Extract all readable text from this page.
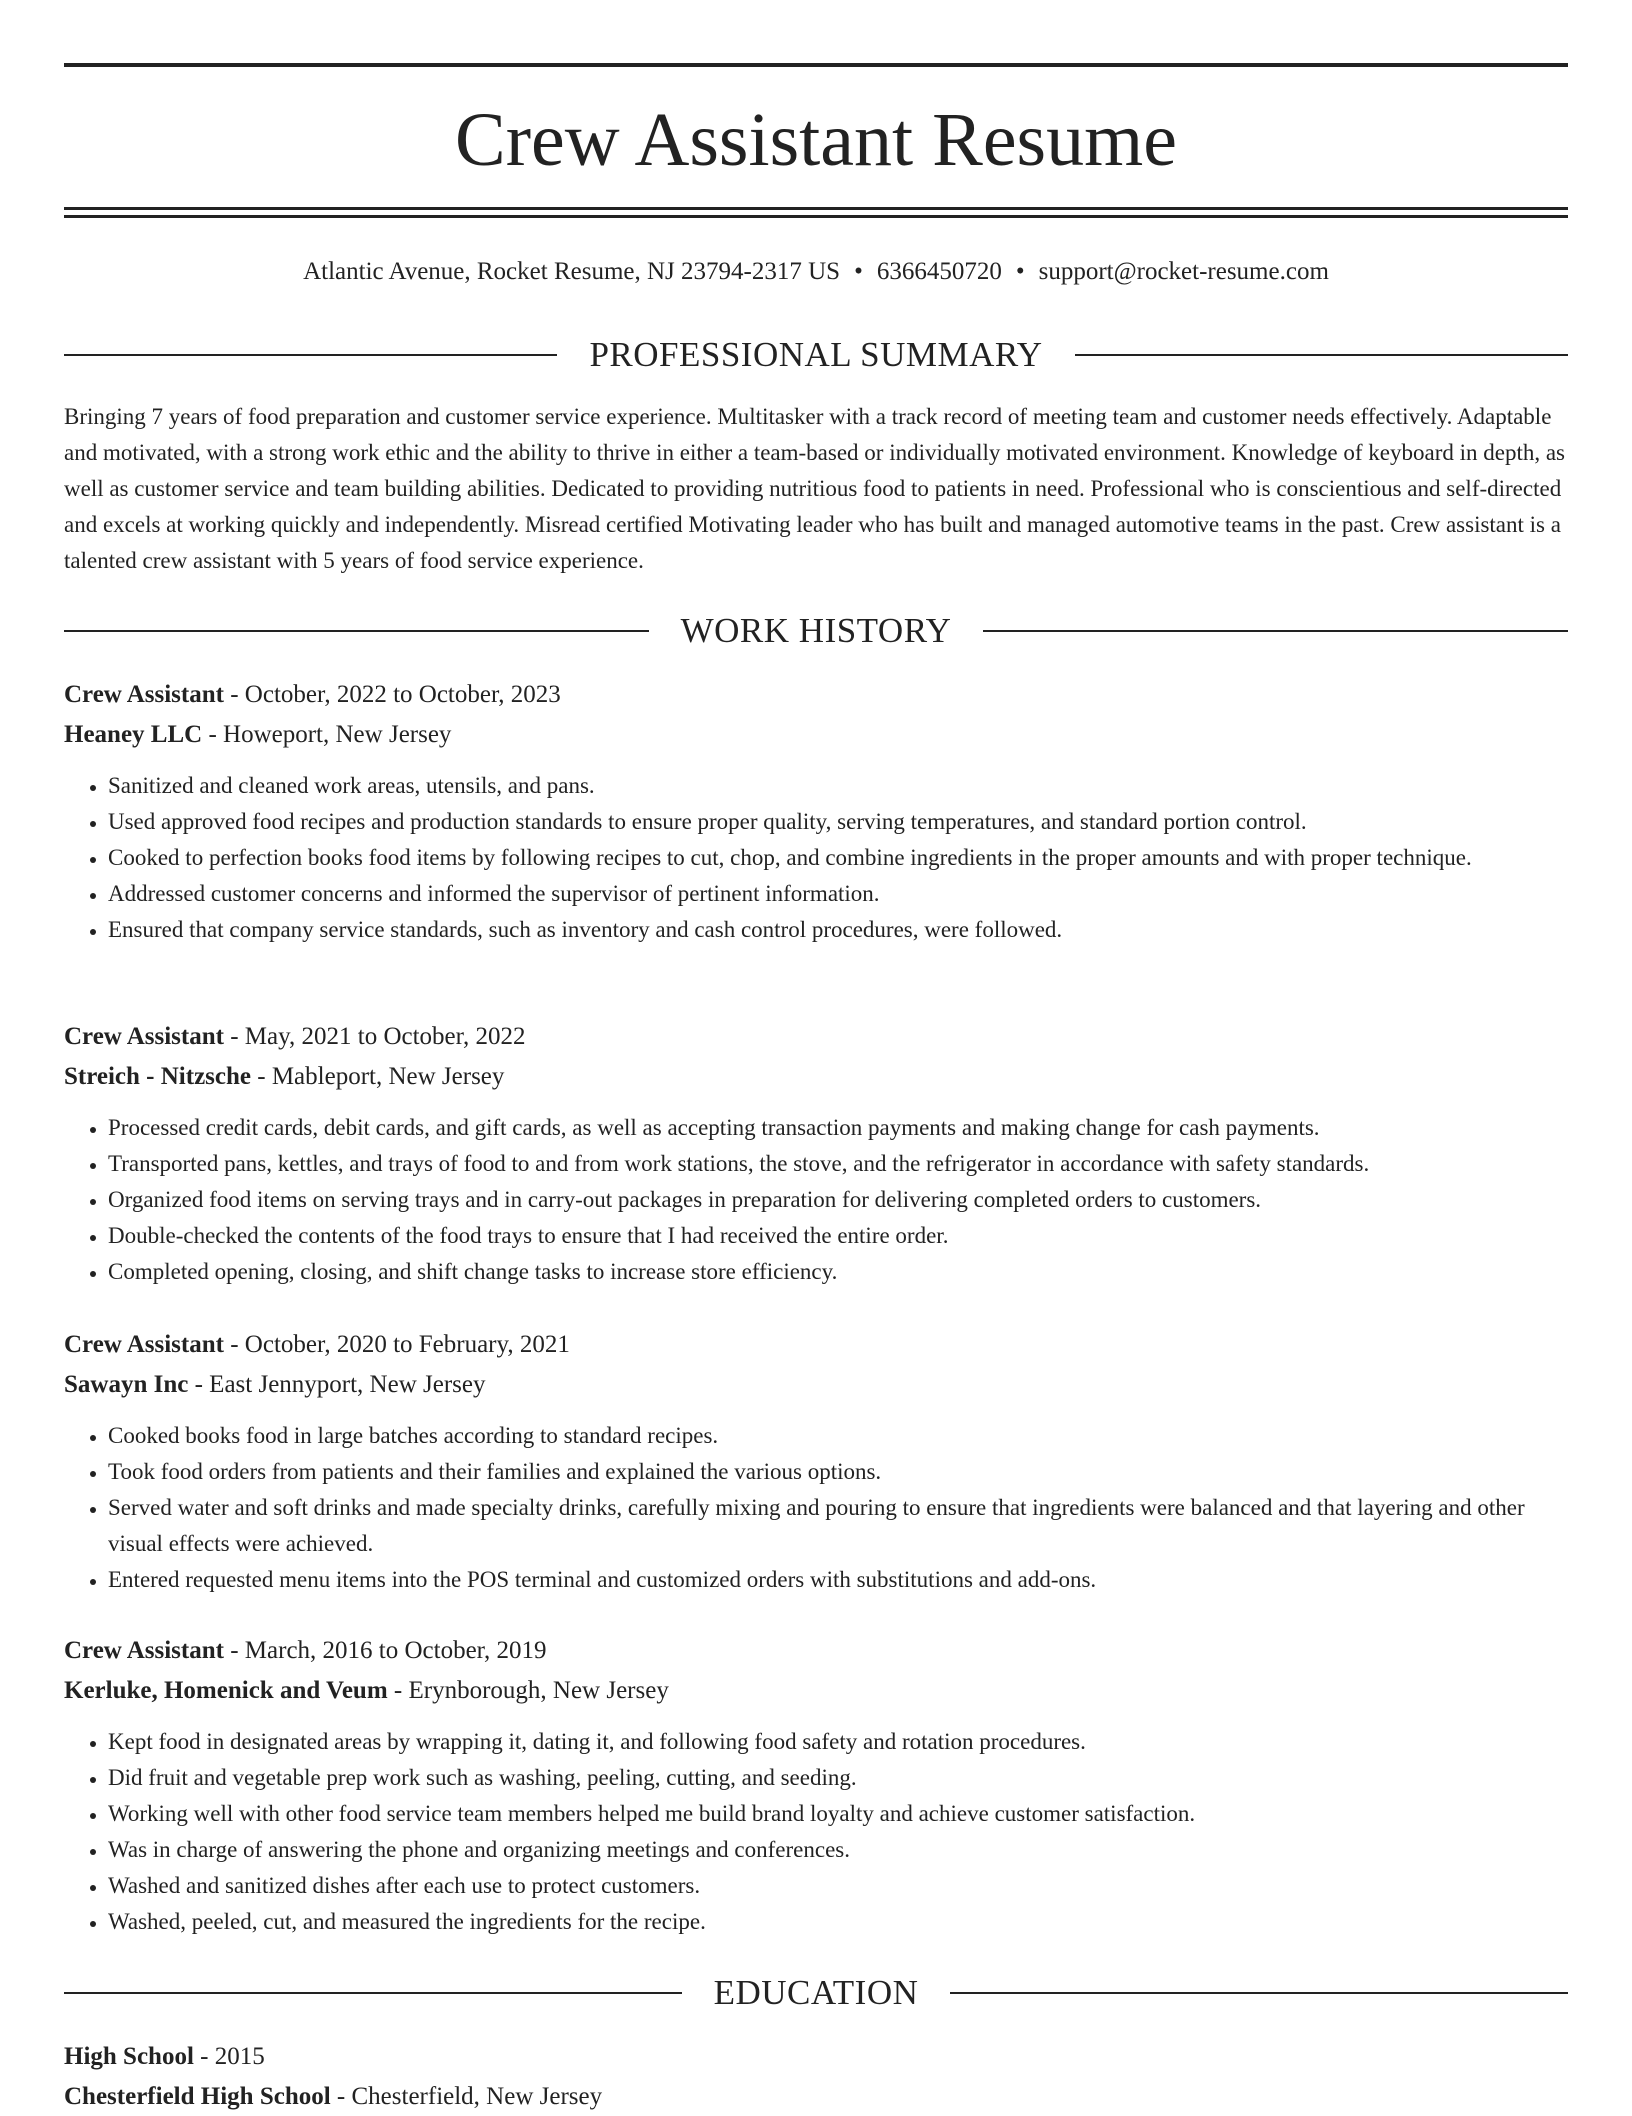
Crew Assistant Resume
Atlantic Avenue, Rocket Resume, NJ 23794-2317 US • 6366450720 • support@rocket-resume.com
PROFESSIONAL SUMMARY

Bringing 7 years of food preparation and customer service experience. Multitasker with a track record of meeting team and customer needs effectively. Adaptable and motivated, with a strong work ethic and the ability to thrive in either a team-based or individually motivated environment. Knowledge of keyboard in depth, as well as customer service and team building abilities. Dedicated to providing nutritious food to patients in need. Professional who is conscientious and self-directed and excels at working quickly and independently. Misread certified Motivating leader who has built and managed automotive teams in the past. Crew assistant is a talented crew assistant with 5 years of food service experience.

WORK HISTORY
Crew Assistant - October, 2022 to October, 2023
Heaney LLC - Howeport, New Jersey
• Sanitized and cleaned work areas, utensils, and pans.
• Used approved food recipes and production standards to ensure proper quality, serving temperatures, and standard portion control.
• Cooked to perfection books food items by following recipes to cut, chop, and combine ingredients in the proper amounts and with proper technique.
• Addressed customer concerns and informed the supervisor of pertinent information.
• Ensured that company service standards, such as inventory and cash control procedures, were followed.
Crew Assistant - May, 2021 to October, 2022
Streich - Nitzsche - Mableport, New Jersey
• Processed credit cards, debit cards, and gift cards, as well as accepting transaction payments and making change for cash payments.
• Transported pans, kettles, and trays of food to and from work stations, the stove, and the refrigerator in accordance with safety standards.
• Organized food items on serving trays and in carry-out packages in preparation for delivering completed orders to customers.
• Double-checked the contents of the food trays to ensure that I had received the entire order.
• Completed opening, closing, and shift change tasks to increase store efficiency.
Crew Assistant - October, 2020 to February, 2021
Sawayn Inc - East Jennyport, New Jersey
• Cooked books food in large batches according to standard recipes.
• Took food orders from patients and their families and explained the various options.
• Served water and soft drinks and made specialty drinks, carefully mixing and pouring to ensure that ingredients were balanced and that layering and other visual effects were achieved.
• Entered requested menu items into the POS terminal and customized orders with substitutions and add-ons.
Crew Assistant - March, 2016 to October, 2019
Kerluke, Homenick and Veum - Erynborough, New Jersey
• Kept food in designated areas by wrapping it, dating it, and following food safety and rotation procedures.
• Did fruit and vegetable prep work such as washing, peeling, cutting, and seeding.
• Working well with other food service team members helped me build brand loyalty and achieve customer satisfaction.
• Was in charge of answering the phone and organizing meetings and conferences.
• Washed and sanitized dishes after each use to protect customers.
• Washed, peeled, cut, and measured the ingredients for the recipe.
EDUCATION
High School - 2015
Chesterfield High School - Chesterfield, New Jersey
